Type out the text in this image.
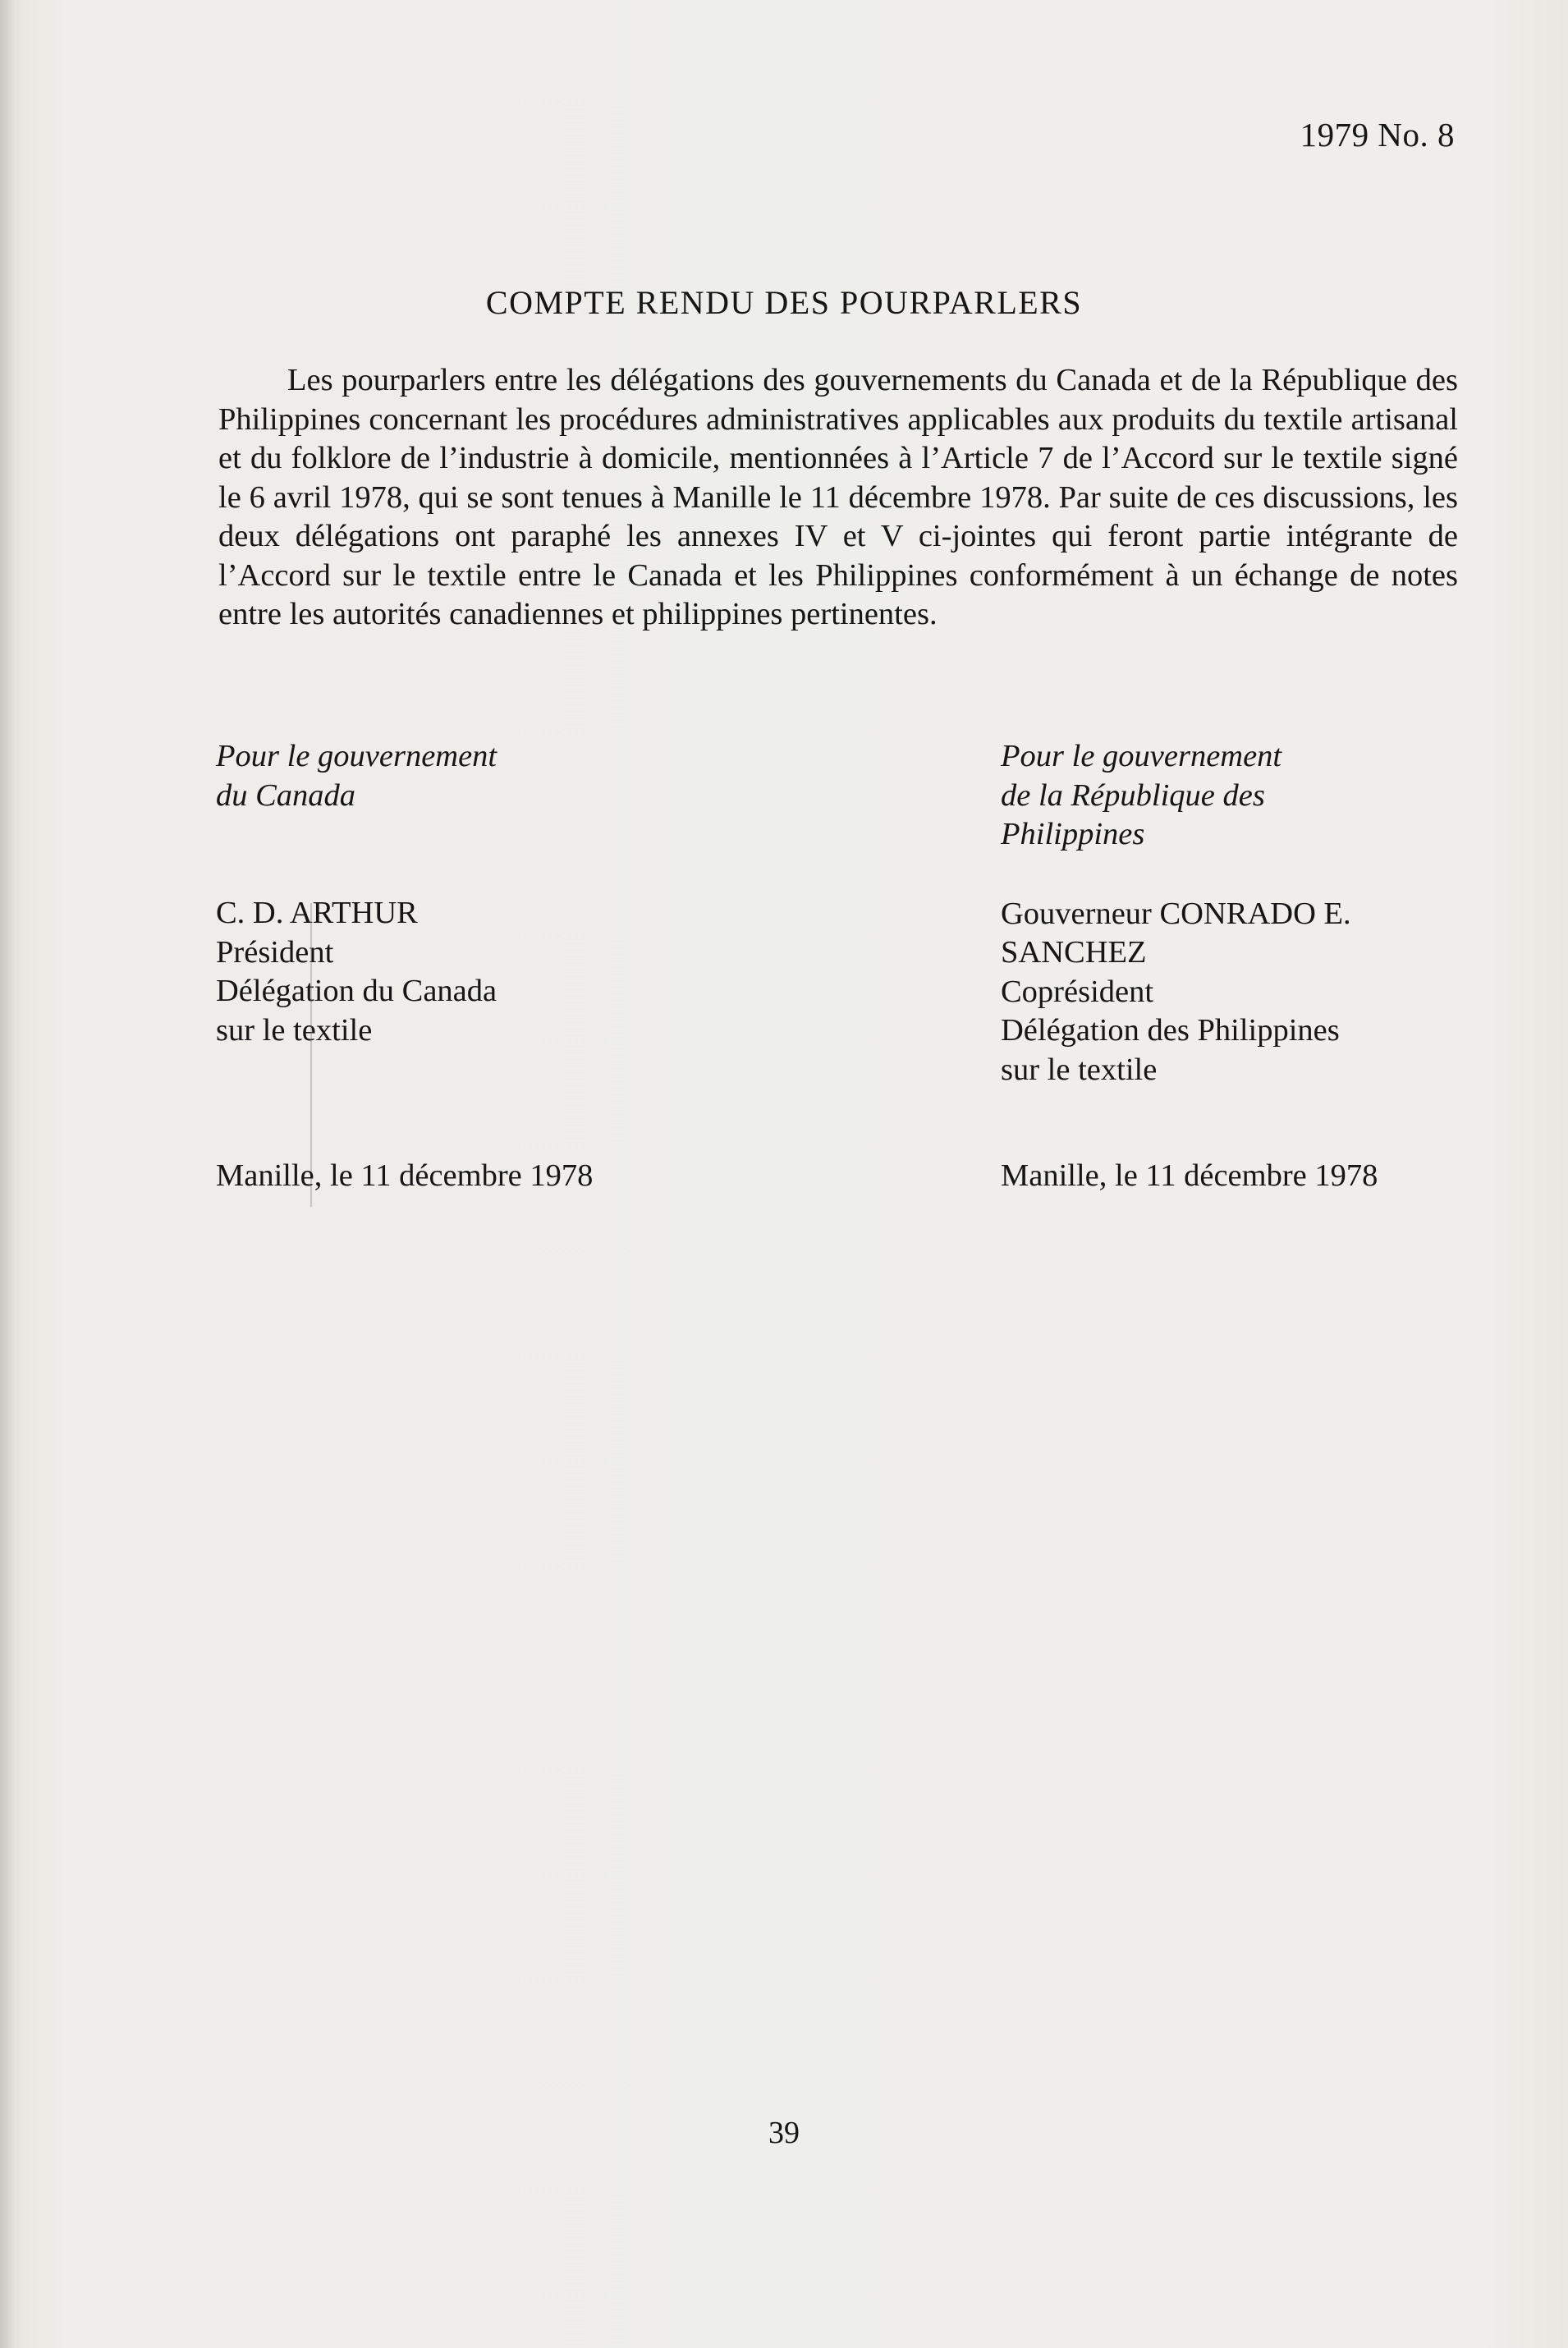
1979 No. 8
COMPTE RENDU DES POURPARLERS

Les pourparlers entre les délégations des gouvernements du Canada et de la République des Philippines concernant les procédures administratives applicables aux produits du textile artisanal et du folklore de l’industrie à domicile, mentionnées à l’Article 7 de l’Accord sur le textile signé le 6 avril 1978, qui se sont tenues à Manille le 11 décembre 1978. Par suite de ces discussions, les deux délégations ont paraphé les annexes IV et V ci-jointes qui feront partie intégrante de l’Accord sur le textile entre le Canada et les Philippines conformément à un échange de notes entre les autorités canadiennes et philippines pertinentes.

Pour le gouvernement
du Canada
C. D. ARTHUR
Président
Délégation du Canada
sur le textile
Pour le gouvernement
de la République des
Philippines
Gouverneur CONRADO E.
SANCHEZ
Coprésident
Délégation des Philippines
sur le textile
Manille, le 11 décembre 1978	Manille, le 11 décembre 1978
39
